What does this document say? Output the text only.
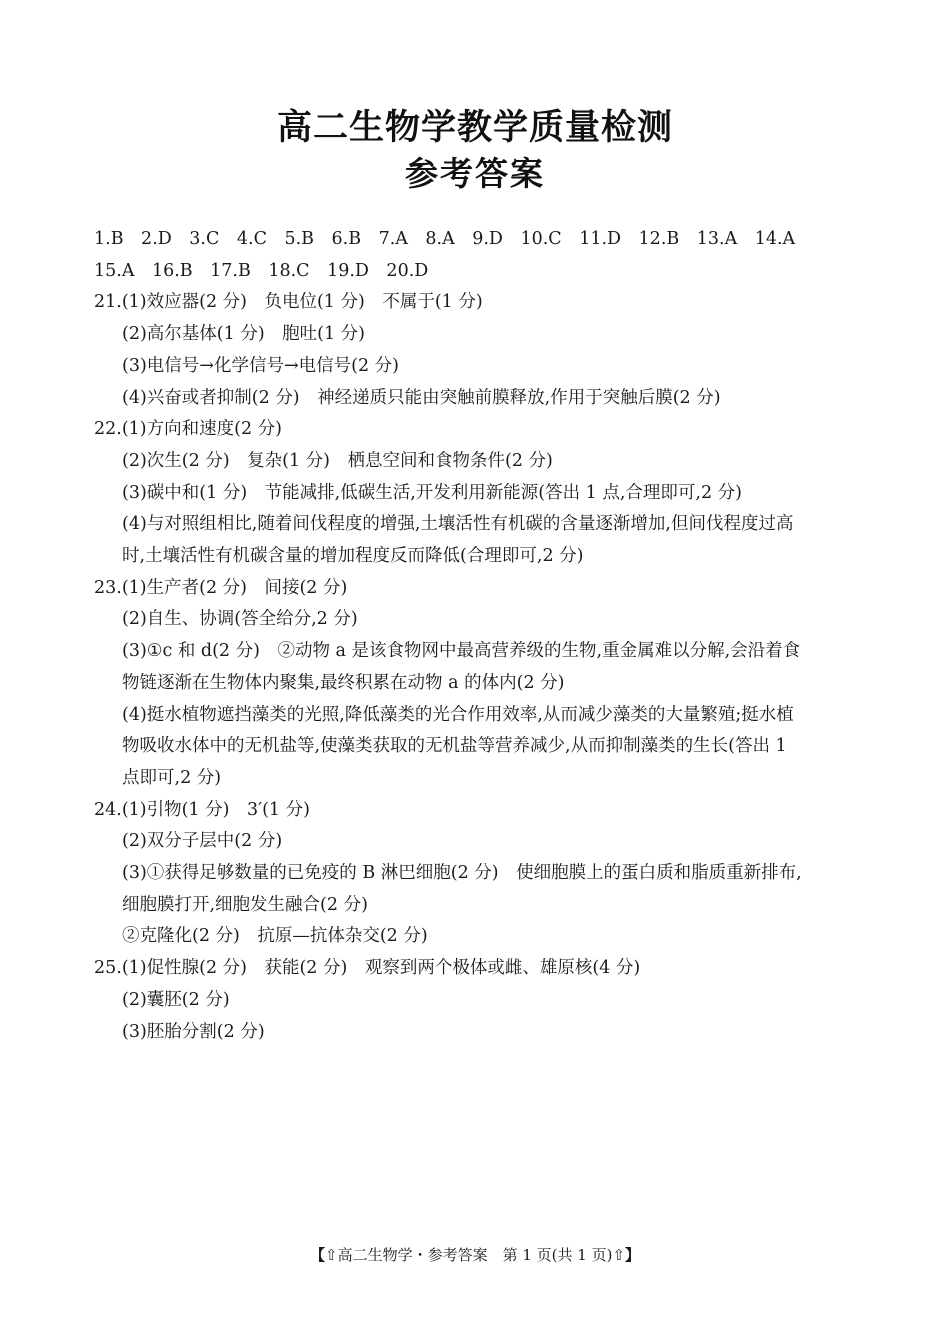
高二生物学教学质量检测
参考答案
1.B　2.D　3.C　4.C　5.B　6.B　7.A　8.A　9.D　10.C　11.D　12.B　13.A　14.A
15.A　16.B　17.B　18.C　19.D　20.D
21.(1)效应器(2 分)　负电位(1 分)　不属于(1 分)
(2)高尔基体(1 分)　胞吐(1 分)
(3)电信号→化学信号→电信号(2 分)
(4)兴奋或者抑制(2 分)　神经递质只能由突触前膜释放,作用于突触后膜(2 分)
22.(1)方向和速度(2 分)
(2)次生(2 分)　复杂(1 分)　栖息空间和食物条件(2 分)
(3)碳中和(1 分)　节能减排,低碳生活,开发利用新能源(答出 1 点,合理即可,2 分)
(4)与对照组相比,随着间伐程度的增强,土壤活性有机碳的含量逐渐增加,但间伐程度过高
时,土壤活性有机碳含量的增加程度反而降低(合理即可,2 分)
23.(1)生产者(2 分)　间接(2 分)
(2)自生、协调(答全给分,2 分)
(3)①c 和 d(2 分)　②动物 a 是该食物网中最高营养级的生物,重金属难以分解,会沿着食
物链逐渐在生物体内聚集,最终积累在动物 a 的体内(2 分)
(4)挺水植物遮挡藻类的光照,降低藻类的光合作用效率,从而减少藻类的大量繁殖;挺水植
物吸收水体中的无机盐等,使藻类获取的无机盐等营养减少,从而抑制藻类的生长(答出 1
点即可,2 分)
24.(1)引物(1 分)　3′(1 分)
(2)双分子层中(2 分)
(3)①获得足够数量的已免疫的 B 淋巴细胞(2 分)　使细胞膜上的蛋白质和脂质重新排布,
细胞膜打开,细胞发生融合(2 分)
②克隆化(2 分)　抗原—抗体杂交(2 分)
25.(1)促性腺(2 分)　获能(2 分)　观察到两个极体或雌、雄原核(4 分)
(2)囊胚(2 分)
(3)胚胎分割(2 分)
【⇧高二生物学・参考答案　第 1 页(共 1 页)⇧】
